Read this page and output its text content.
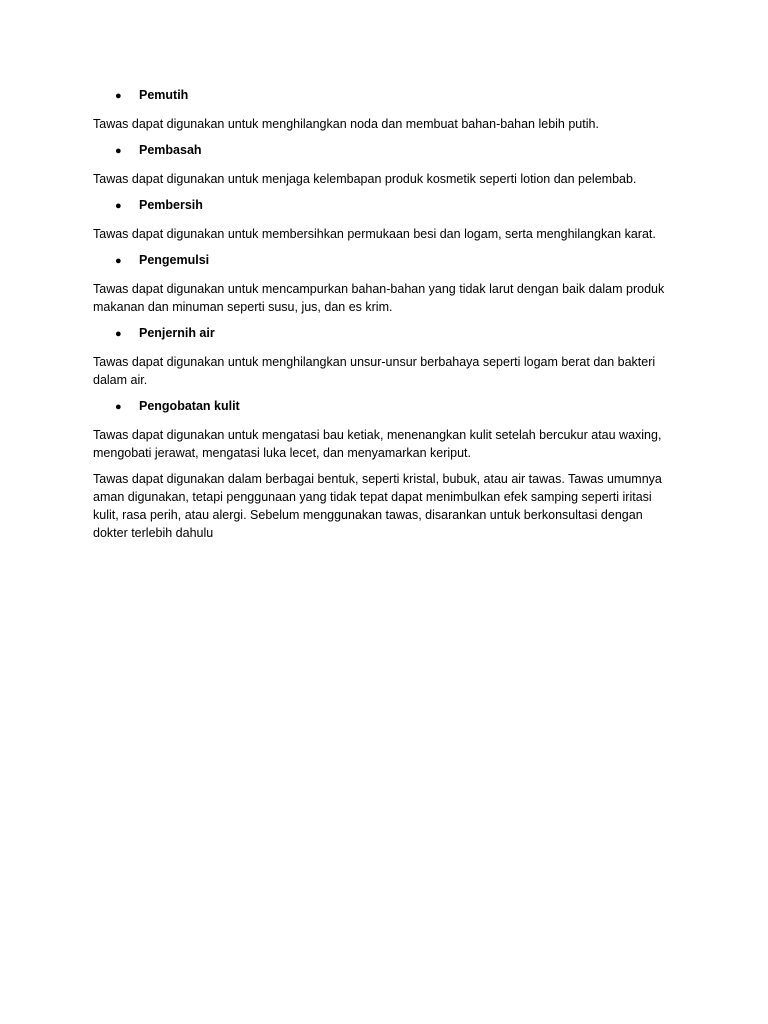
●	Pemutih

Tawas dapat digunakan untuk menghilangkan noda dan membuat bahan-bahan lebih putih.

●	Pembasah

Tawas dapat digunakan untuk menjaga kelembapan produk kosmetik seperti lotion dan pelembab.

●	Pembersih

Tawas dapat digunakan untuk membersihkan permukaan besi dan logam, serta menghilangkan karat.

●	Pengemulsi

Tawas dapat digunakan untuk mencampurkan bahan-bahan yang tidak larut dengan baik dalam produk makanan dan minuman seperti susu, jus, dan es krim.

●	Penjernih air

Tawas dapat digunakan untuk menghilangkan unsur-unsur berbahaya seperti logam berat dan bakteri dalam air.

●	Pengobatan kulit

Tawas dapat digunakan untuk mengatasi bau ketiak, menenangkan kulit setelah bercukur atau waxing, mengobati jerawat, mengatasi luka lecet, dan menyamarkan keriput.

Tawas dapat digunakan dalam berbagai bentuk, seperti kristal, bubuk, atau air tawas. Tawas umumnya aman digunakan, tetapi penggunaan yang tidak tepat dapat menimbulkan efek samping seperti iritasi kulit, rasa perih, atau alergi. Sebelum menggunakan tawas, disarankan untuk berkonsultasi dengan dokter terlebih dahulu
